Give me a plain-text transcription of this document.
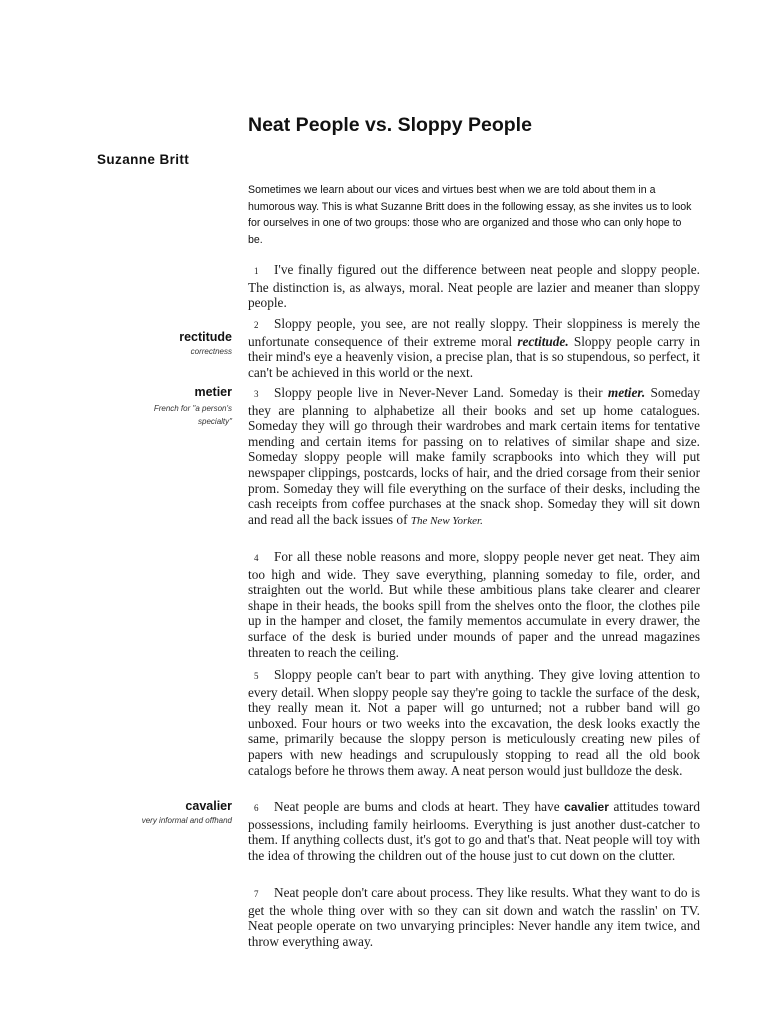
Neat People vs. Sloppy People
Suzanne Britt

Sometimes we learn about our vices and virtues best when we are told about them in a humorous way. This is what Suzanne Britt does in the following essay, as she invites us to look for ourselves in one of two groups: those who are organized and those who can only hope to be.

rectitude
correctness
metier
French for "a person's specialty"
cavalier
very informal and offhand

1 I've finally figured out the difference between neat people and sloppy people. The distinction is, as always, moral. Neat people are lazier and meaner than sloppy people.

2 Sloppy people, you see, are not really sloppy. Their sloppiness is merely the unfortunate consequence of their extreme moral rectitude. Sloppy people carry in their mind's eye a heavenly vision, a precise plan, that is so stupendous, so perfect, it can't be achieved in this world or the next.

3 Sloppy people live in Never-Never Land. Someday is their metier. Someday they are planning to alphabetize all their books and set up home catalogues. Someday they will go through their wardrobes and mark certain items for tentative mending and certain items for passing on to relatives of similar shape and size. Someday sloppy people will make family scrapbooks into which they will put newspaper clippings, postcards, locks of hair, and the dried corsage from their senior prom. Someday they will file everything on the surface of their desks, including the cash receipts from coffee purchases at the snack shop. Someday they will sit down and read all the back issues of The New Yorker.

4 For all these noble reasons and more, sloppy people never get neat. They aim too high and wide. They save everything, planning someday to file, order, and straighten out the world. But while these ambitious plans take clearer and clearer shape in their heads, the books spill from the shelves onto the floor, the clothes pile up in the hamper and closet, the family mementos accumulate in every drawer, the surface of the desk is buried under mounds of paper and the unread magazines threaten to reach the ceiling.

5 Sloppy people can't bear to part with anything. They give loving attention to every detail. When sloppy people say they're going to tackle the surface of the desk, they really mean it. Not a paper will go unturned; not a rubber band will go unboxed. Four hours or two weeks into the excavation, the desk looks exactly the same, primarily because the sloppy person is meticulously creating new piles of papers with new headings and scrupulously stopping to read all the old book catalogs before he throws them away. A neat person would just bulldoze the desk.

6 Neat people are bums and clods at heart. They have cavalier attitudes toward possessions, including family heirlooms. Everything is just another dust-catcher to them. If anything collects dust, it's got to go and that's that. Neat people will toy with the idea of throwing the children out of the house just to cut down on the clutter.

7 Neat people don't care about process. They like results. What they want to do is get the whole thing over with so they can sit down and watch the rasslin' on TV. Neat people operate on two unvarying principles: Never handle any item twice, and throw everything away.
